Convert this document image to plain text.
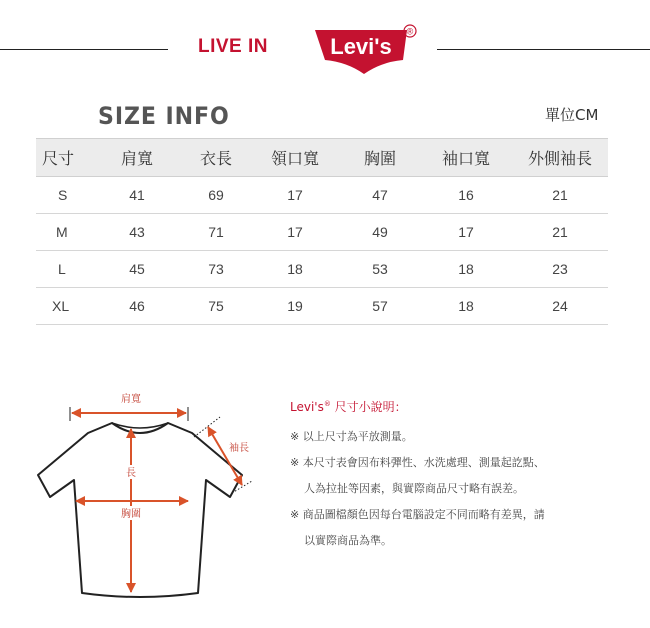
LIVE IN	Levi's
®
SIZE INFO	單位CM
尺寸	肩寬	衣長	領口寬	胸圍	袖口寬	外側袖長
S	41	69	17	47	16	21
M	43	71	17	49	17	21
L	45	73	18	53	18	23
XL	46	75	19	57	18	24
肩寬
袖長
長
胸圍
Levi's® 尺寸小說明：
※ 以上尺寸為平放測量。
※ 本尺寸表會因布料彈性、水洗處理、測量起訖點、
人為拉扯等因素，與實際商品尺寸略有誤差。
※ 商品圖檔顏色因每台電腦設定不同而略有差異，請
以實際商品為準。
